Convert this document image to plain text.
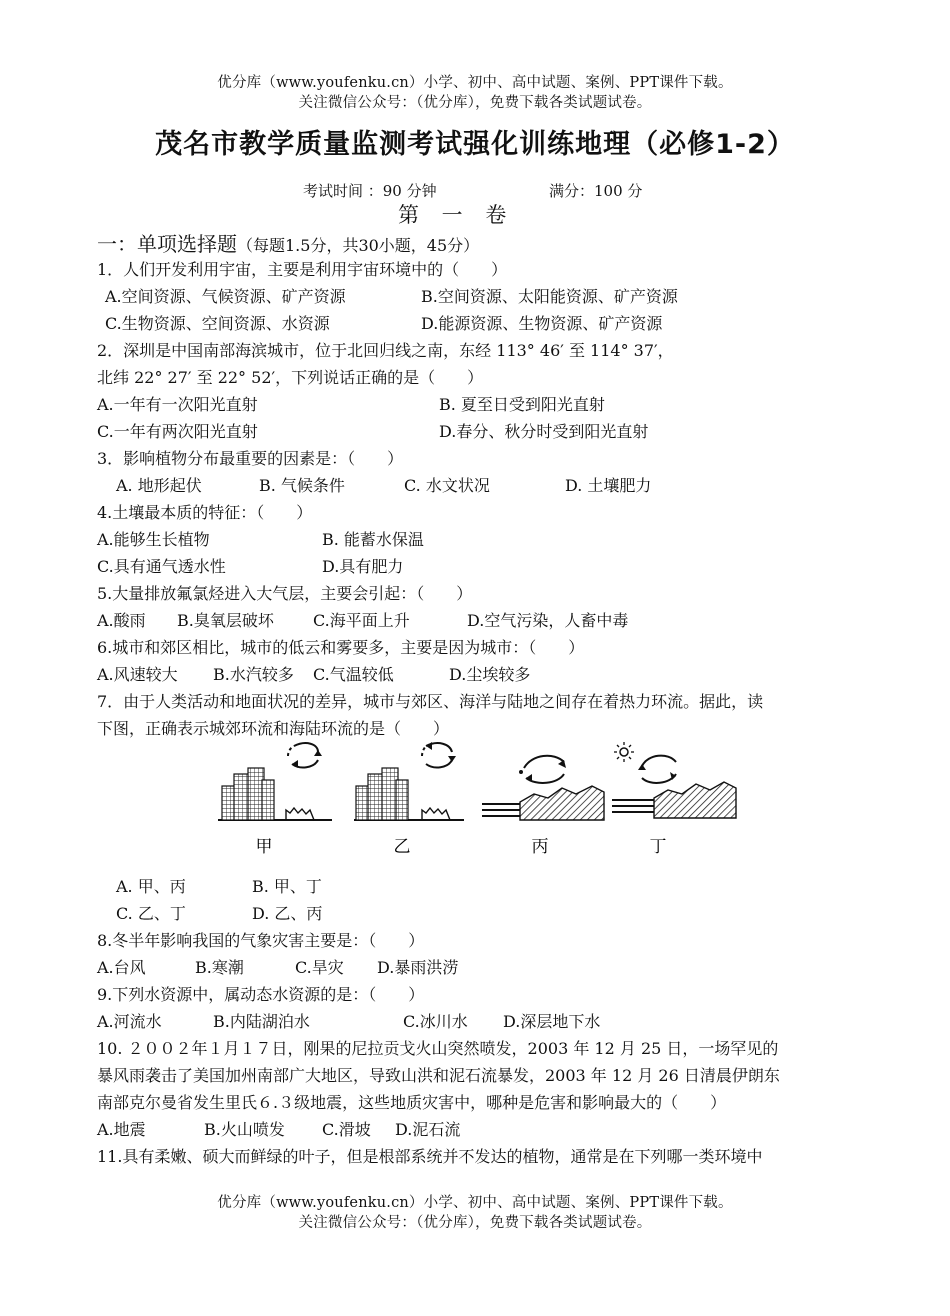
优分库（www.youfenku.cn）小学、初中、高中试题、案例、PPT课件下载。
关注微信公众号：（优分库），免费下载各类试题试卷。
茂名市教学质量监测考试强化训练地理（必修1-2）
考试时间 ：90 分钟	满分：100 分
第 一 卷
一：单项选择题（每题1.5分，共30小题，45分）
1．人们开发利用宇宙，主要是利用宇宙环境中的（　　）
A.空间资源、气候资源、矿产资源	B.空间资源、太阳能资源、矿产资源
C.生物资源、空间资源、水资源	D.能源资源、生物资源、矿产资源
2．深圳是中国南部海滨城市，位于北回归线之南，东经 113° 46′ 至 114° 37′，
北纬 22° 27′ 至 22° 52′，下列说话正确的是（　　）
A.一年有一次阳光直射	B. 夏至日受到阳光直射
C.一年有两次阳光直射	D.春分、秋分时受到阳光直射
3．影响植物分布最重要的因素是：（　　）
A. 地形起伏	B. 气候条件	C. 水文状况	D. 土壤肥力
4.土壤最本质的特征：（　　）
A.能够生长植物	B. 能蓄水保温
C.具有通气透水性	D.具有肥力
5.大量排放氟氯烃进入大气层，主要会引起：（　　）
A.酸雨 B.臭氧层破坏 C.海平面上升	D.空气污染，人畜中毒
6.城市和郊区相比，城市的低云和雾要多，主要是因为城市：（　　）
A.风速较大 B.水汽较多 C.气温较低	D.尘埃较多
7．由于人类活动和地面状况的差异，城市与郊区、海洋与陆地之间存在着热力环流。据此，读
下图，正确表示城郊环流和海陆环流的是（　　）
甲	乙	丙	丁
A. 甲、丙	B. 甲、丁
C. 乙、丁	D. 乙、丙
8.冬半年影响我国的气象灾害主要是：（　　）
A.台风	B.寒潮	C.旱灾 D.暴雨洪涝
9.下列水资源中，属动态水资源的是：（　　）
A.河流水	B.内陆湖泊水	C.冰川水 D.深层地下水
10. ２００２年１月１７日，刚果的尼拉贡戈火山突然喷发，2003 年 12 月 25 日，一场罕见的
暴风雨袭击了美国加州南部广大地区，导致山洪和泥石流暴发，2003 年 12 月 26 日清晨伊朗东
南部克尔曼省发生里氏６.３级地震，这些地质灾害中，哪种是危害和影响最大的（　　）
A.地震	B.火山喷发 C.滑坡 D.泥石流
11.具有柔嫩、硕大而鲜绿的叶子，但是根部系统并不发达的植物，通常是在下列哪一类环境中
优分库（www.youfenku.cn）小学、初中、高中试题、案例、PPT课件下载。
关注微信公众号：（优分库），免费下载各类试题试卷。
